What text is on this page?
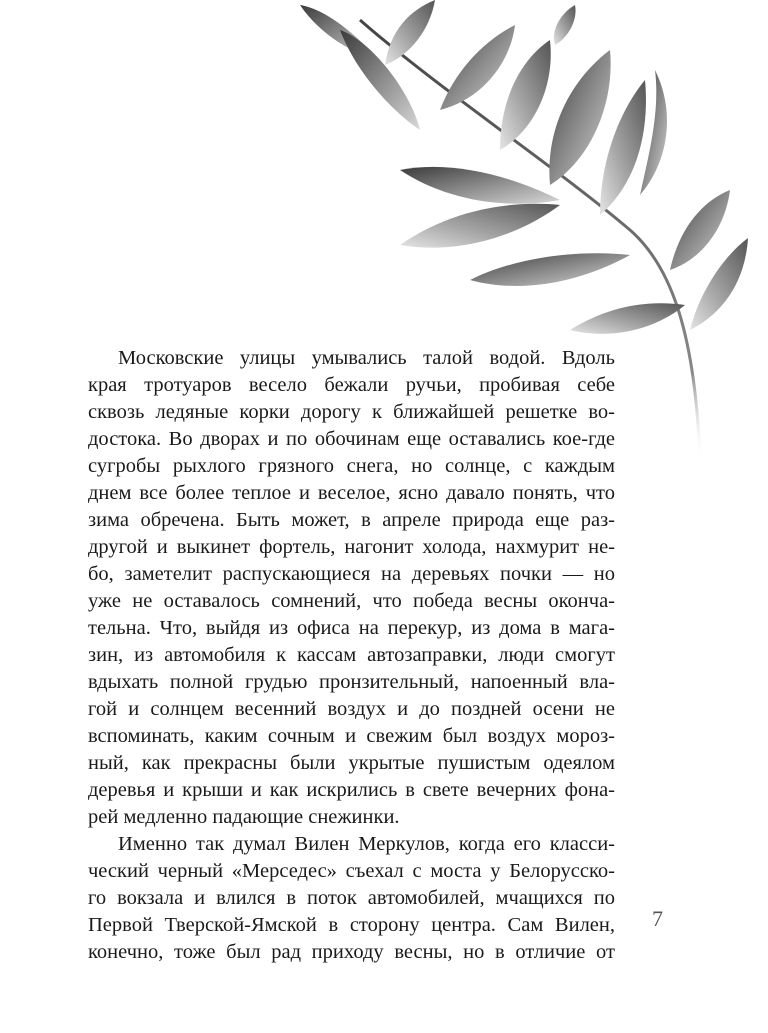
Московские улицы умывались талой водой. Вдоль
края тротуаров весело бежали ручьи, пробивая себе
сквозь ледяные корки дорогу к ближайшей решетке во-
достока. Во дворах и по обочинам еще оставались кое-где
сугробы рыхлого грязного снега, но солнце, с каждым
днем все более теплое и веселое, ясно давало понять, что
зима обречена. Быть может, в апреле природа еще раз-
другой и выкинет фортель, нагонит холода, нахмурит не-
бо, заметелит распускающиеся на деревьях почки — но
уже не оставалось сомнений, что победа весны оконча-
тельна. Что, выйдя из офиса на перекур, из дома в мага-
зин, из автомобиля к кассам автозаправки, люди смогут
вдыхать полной грудью пронзительный, напоенный вла-
гой и солнцем весенний воздух и до поздней осени не
вспоминать, каким сочным и свежим был воздух мороз-
ный, как прекрасны были укрытые пушистым одеялом
деревья и крыши и как искрились в свете вечерних фона-
рей медленно падающие снежинки.
Именно так думал Вилен Меркулов, когда его класси-
ческий черный «Мерседес» съехал с моста у Белорусско-
го вокзала и влился в поток автомобилей, мчащихся по
Первой Тверской-Ямской в сторону центра. Сам Вилен,
конечно, тоже был рад приходу весны, но в отличие от
7
